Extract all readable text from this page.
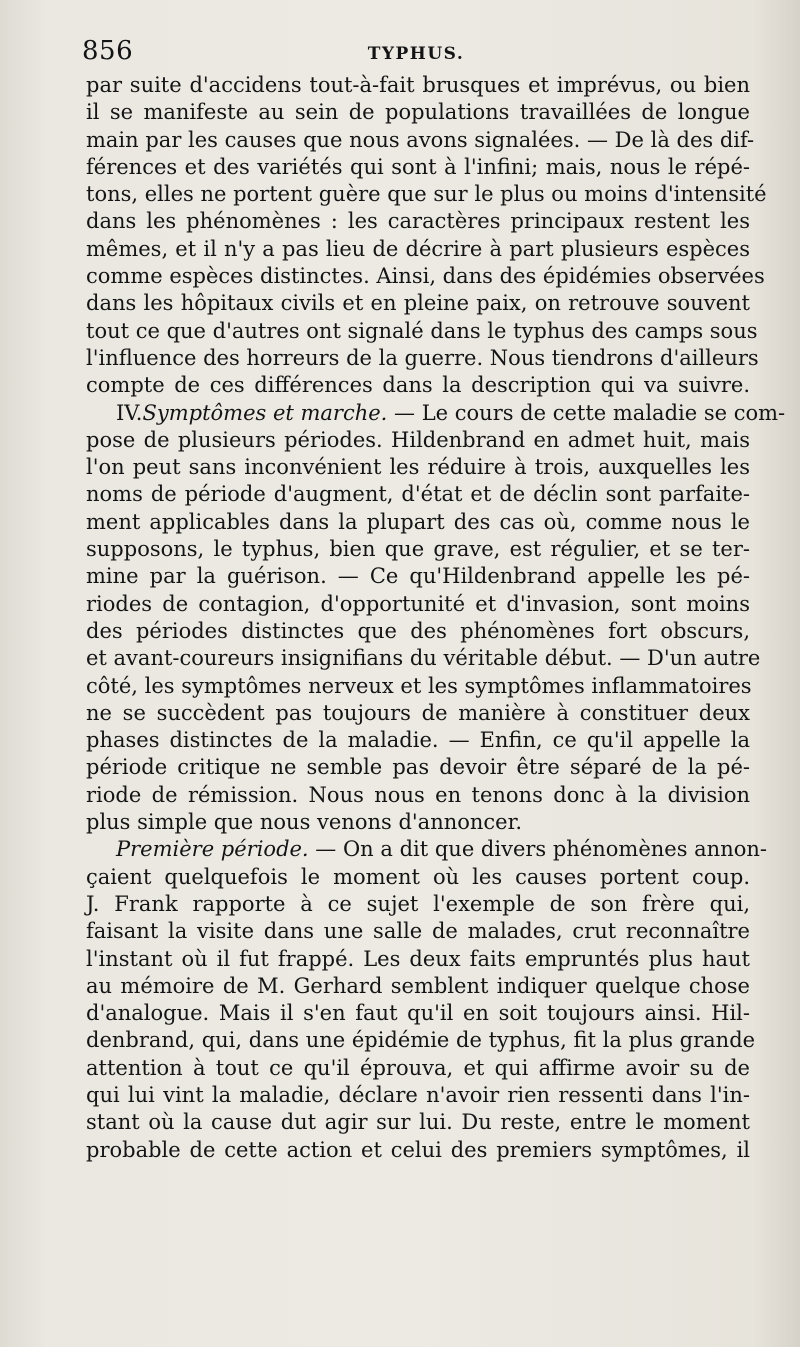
856	TYPHUS.
par suite d'accidens tout-à-fait brusques et imprévus, ou bien
il se manifeste au sein de populations travaillées de longue
main par les causes que nous avons signalées. — De là des dif-
férences et des variétés qui sont à l'infini; mais, nous le répé-
tons, elles ne portent guère que sur le plus ou moins d'intensité
dans les phénomènes : les caractères principaux restent les
mêmes, et il n'y a pas lieu de décrire à part plusieurs espèces
comme espèces distinctes. Ainsi, dans des épidémies observées
dans les hôpitaux civils et en pleine paix, on retrouve souvent
tout ce que d'autres ont signalé dans le typhus des camps sous
l'influence des horreurs de la guerre. Nous tiendrons d'ailleurs
compte de ces différences dans la description qui va suivre.
IV.Symptômes et marche. — Le cours de cette maladie se com-
pose de plusieurs périodes. Hildenbrand en admet huit, mais
l'on peut sans inconvénient les réduire à trois, auxquelles les
noms de période d'augment, d'état et de déclin sont parfaite-
ment applicables dans la plupart des cas où, comme nous le
supposons, le typhus, bien que grave, est régulier, et se ter-
mine par la guérison. — Ce qu'Hildenbrand appelle les pé-
riodes de contagion, d'opportunité et d'invasion, sont moins
des périodes distinctes que des phénomènes fort obscurs,
et avant-coureurs insignifians du véritable début. — D'un autre
côté, les symptômes nerveux et les symptômes inflammatoires
ne se succèdent pas toujours de manière à constituer deux
phases distinctes de la maladie. — Enfin, ce qu'il appelle la
période critique ne semble pas devoir être séparé de la pé-
riode de rémission. Nous nous en tenons donc à la division
plus simple que nous venons d'annoncer.
Première période. — On a dit que divers phénomènes annon-
çaient quelquefois le moment où les causes portent coup.
J. Frank rapporte à ce sujet l'exemple de son frère qui,
faisant la visite dans une salle de malades, crut reconnaître
l'instant où il fut frappé. Les deux faits empruntés plus haut
au mémoire de M. Gerhard semblent indiquer quelque chose
d'analogue. Mais il s'en faut qu'il en soit toujours ainsi. Hil-
denbrand, qui, dans une épidémie de typhus, fit la plus grande
attention à tout ce qu'il éprouva, et qui affirme avoir su de
qui lui vint la maladie, déclare n'avoir rien ressenti dans l'in-
stant où la cause dut agir sur lui. Du reste, entre le moment
probable de cette action et celui des premiers symptômes, il
